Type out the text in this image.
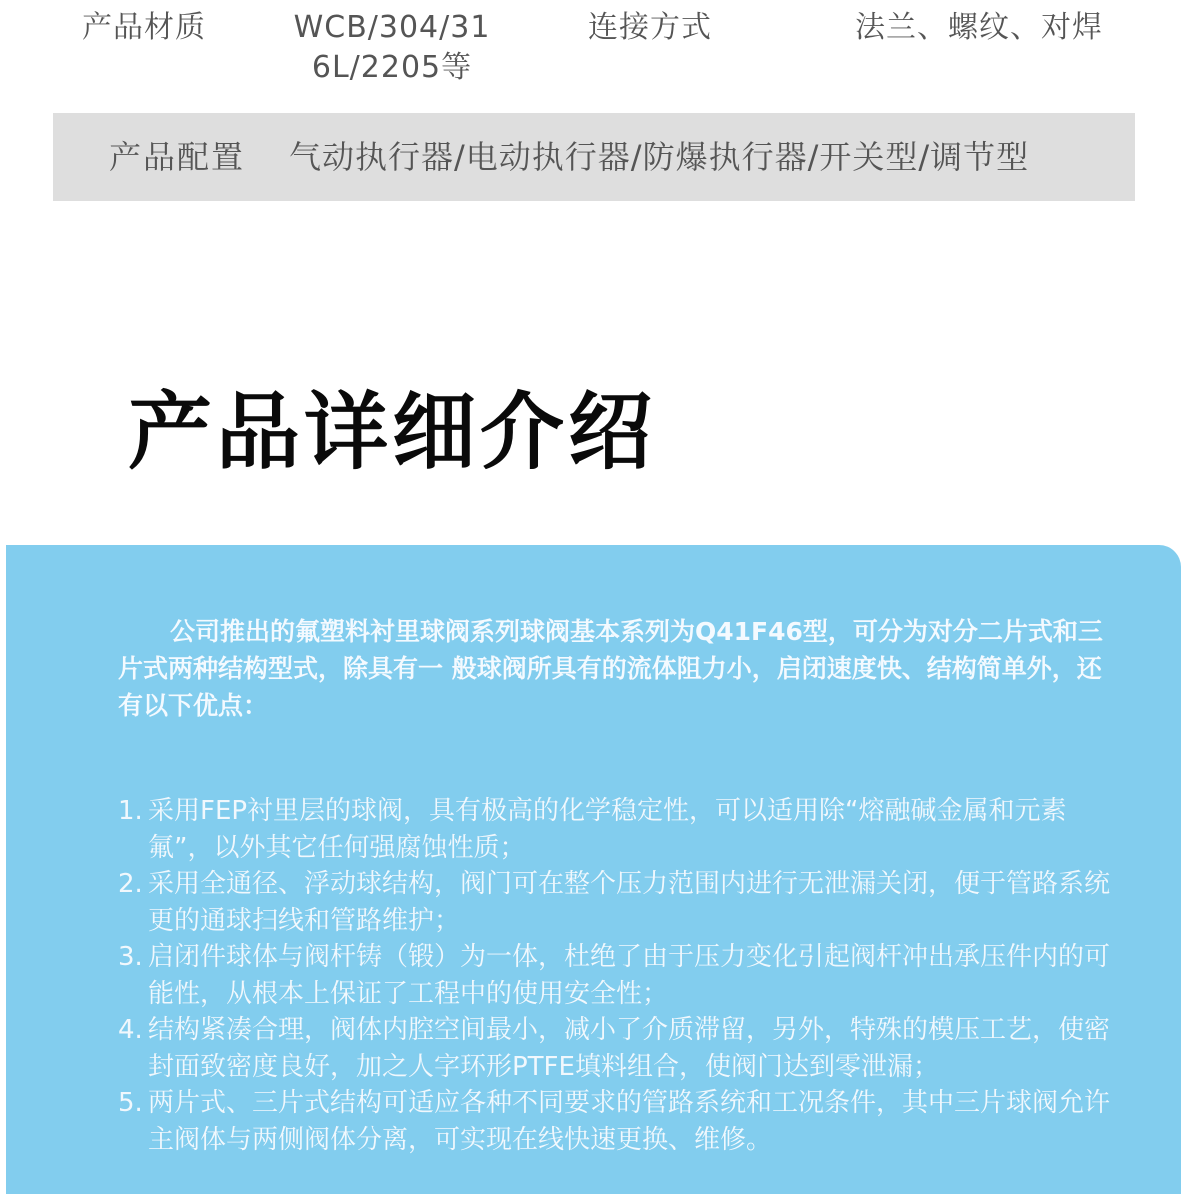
产品材质	WCB/304/31
6L/2205等
连接方式	法兰、螺纹、对焊
产品配置 气动执行器/电动执行器/防爆执行器/开关型/调节型
产品详细介绍

公司推出的氟塑料衬里球阀系列球阀基本系列为Q41F46型，可分为对分二片式和三片式两种结构型式，除具有一 般球阀所具有的流体阻力小，启闭速度快、结构简单外，还有以下优点：

1. 采用FEP衬里层的球阀，具有极高的化学稳定性，可以适用除“熔融碱金属和元素氟”，以外其它任何强腐蚀性质；
2. 采用全通径、浮动球结构，阀门可在整个压力范围内进行无泄漏关闭，便于管路系统更的通球扫线和管路维护；
3. 启闭件球体与阀杆铸（锻）为一体，杜绝了由于压力变化引起阀杆冲出承压件内的可能性，从根本上保证了工程中的使用安全性；
4. 结构紧凑合理，阀体内腔空间最小，减小了介质滞留，另外，特殊的模压工艺，使密封面致密度良好，加之人字环形PTFE填料组合，使阀门达到零泄漏；
5. 两片式、三片式结构可适应各种不同要求的管路系统和工况条件，其中三片球阀允许主阀体与两侧阀体分离，可实现在线快速更换、维修。
